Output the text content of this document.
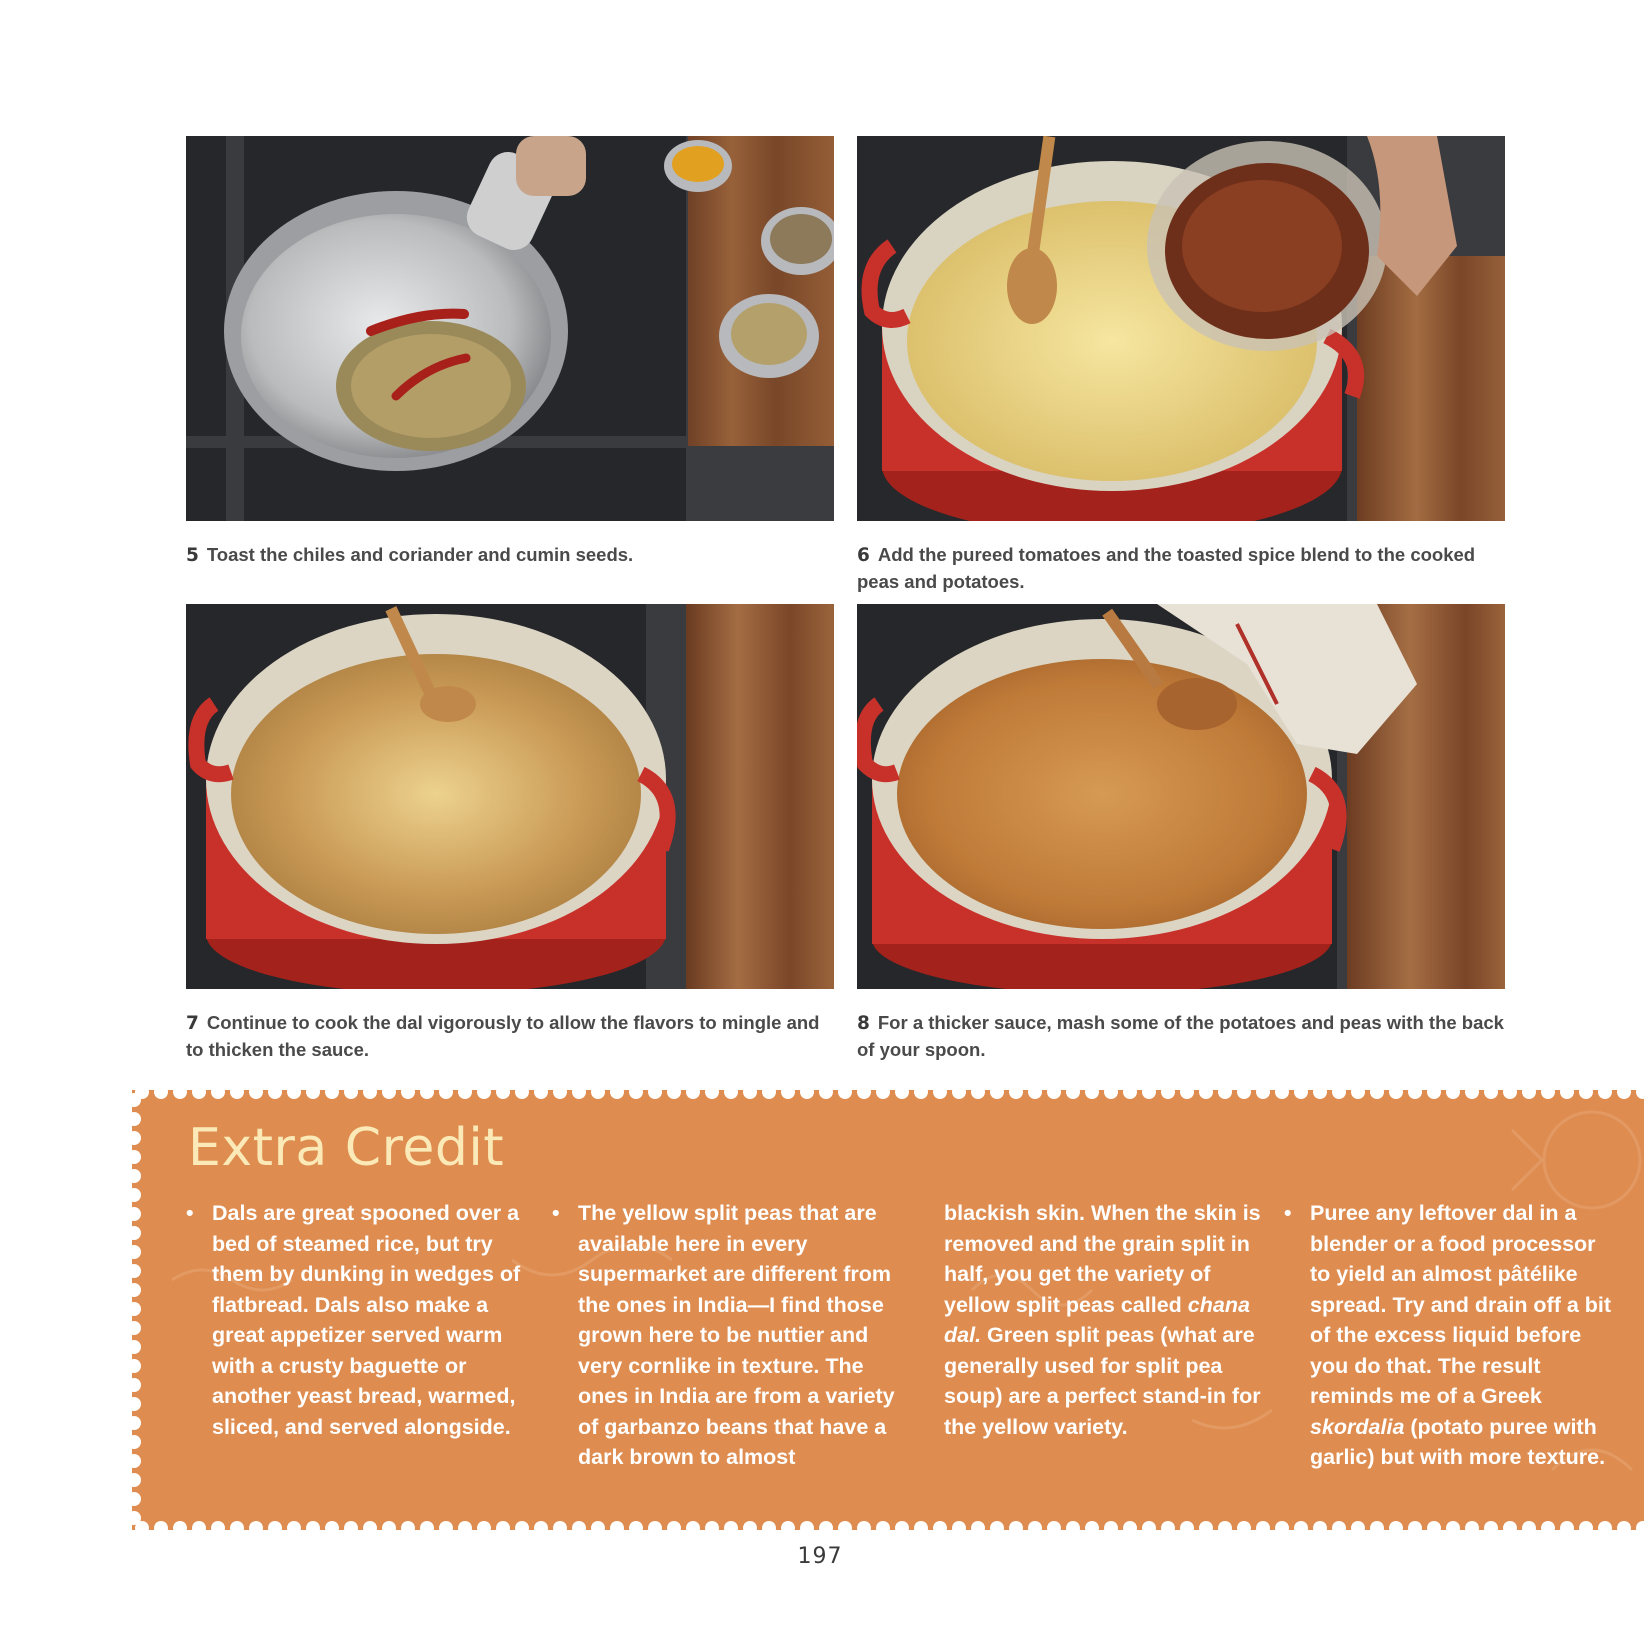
5 Toast the chiles and coriander and cumin seeds.	6 Add the pureed tomatoes and the toasted spice blend to the cooked peas and potatoes.

7 Continue to cook the dal vigorously to allow the flavors to mingle and to thicken the sauce.

8 For a thicker sauce, mash some of the potatoes and peas with the back of your spoon.

Extra Credit

• Dals are great spooned over a bed of steamed rice, but try them by dunking in wedges of flatbread. Dals also make a great appetizer served warm with a crusty baguette or another yeast bread, warmed, sliced, and served alongside.

• The yellow split peas that are available here in every supermarket are different from the ones in India—I find those grown here to be nuttier and very cornlike in texture. The ones in India are from a variety of garbanzo beans that have a dark brown to almost

blackish skin. When the skin is removed and the grain split in half, you get the variety of yellow split peas called chana dal. Green split peas (what are generally used for split pea soup) are a perfect stand-in for the yellow variety.

• Puree any leftover dal in a blender or a food processor to yield an almost pâtélike spread. Try and drain off a bit of the excess liquid before you do that. The result reminds me of a Greek skordalia (potato puree with garlic) but with more texture.

197
